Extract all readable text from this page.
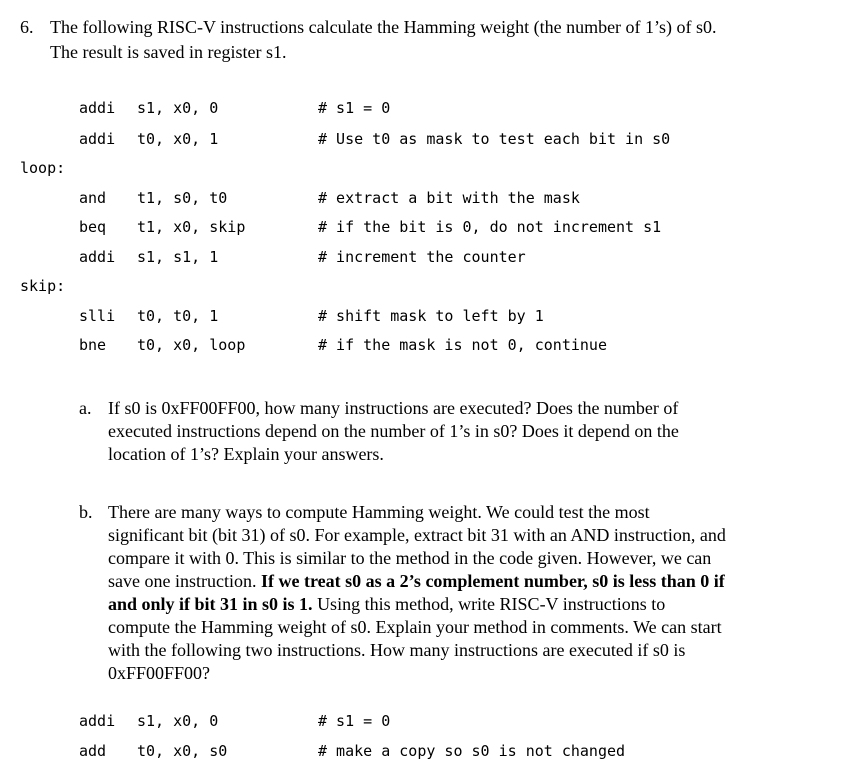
6. The following RISC-V instructions calculate the Hamming weight (the number of 1’s) of s0.
The result is saved in register s1.
addi s1, x0, 0	# s1 = 0
addi t0, x0, 1	# Use t0 as mask to test each bit in s0
loop:
and t1, s0, t0	# extract a bit with the mask
beq t1, x0, skip	# if the bit is 0, do not increment s1
addi s1, s1, 1	# increment the counter
skip:
slli t0, t0, 1	# shift mask to left by 1
bne t0, x0, loop	# if the mask is not 0, continue
a. If s0 is 0xFF00FF00, how many instructions are executed? Does the number of
executed instructions depend on the number of 1’s in s0? Does it depend on the
location of 1’s? Explain your answers.
b. There are many ways to compute Hamming weight. We could test the most
significant bit (bit 31) of s0. For example, extract bit 31 with an AND instruction, and
compare it with 0. This is similar to the method in the code given. However, we can
save one instruction. If we treat s0 as a 2’s complement number, s0 is less than 0 if
and only if bit 31 in s0 is 1. Using this method, write RISC-V instructions to
compute the Hamming weight of s0. Explain your method in comments. We can start
with the following two instructions. How many instructions are executed if s0 is
0xFF00FF00?
addi s1, x0, 0	# s1 = 0
add t0, x0, s0	# make a copy so s0 is not changed
